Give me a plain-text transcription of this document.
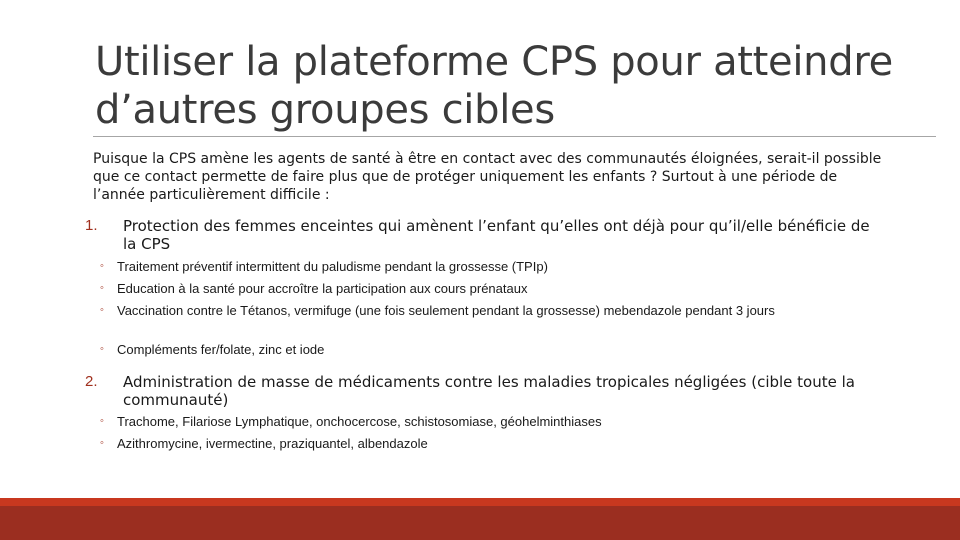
Utiliser la plateforme CPS pour atteindre
d’autres groupes cibles

Puisque la CPS amène les agents de santé à être en contact avec des communautés éloignées, serait-il possible que ce contact permette de faire plus que de protéger uniquement les enfants ? Surtout à une période de l’année particulièrement difficile :

1. Protection des femmes enceintes qui amènent l’enfant qu’elles ont déjà pour qu’il/elle bénéficie de la CPS
◦ Traitement préventif intermittent du paludisme pendant la grossesse (TPIp)
◦ Education à la santé pour accroître la participation aux cours prénataux
◦ Vaccination contre le Tétanos, vermifuge (une fois seulement pendant la grossesse) mebendazole pendant 3 jours
◦ Compléments fer/folate, zinc et iode
2. Administration de masse de médicaments contre les maladies tropicales négligées (cible toute la communauté)
◦ Trachome, Filariose Lymphatique, onchocercose, schistosomiase, géohelminthiases
◦ Azithromycine, ivermectine, praziquantel, albendazole
